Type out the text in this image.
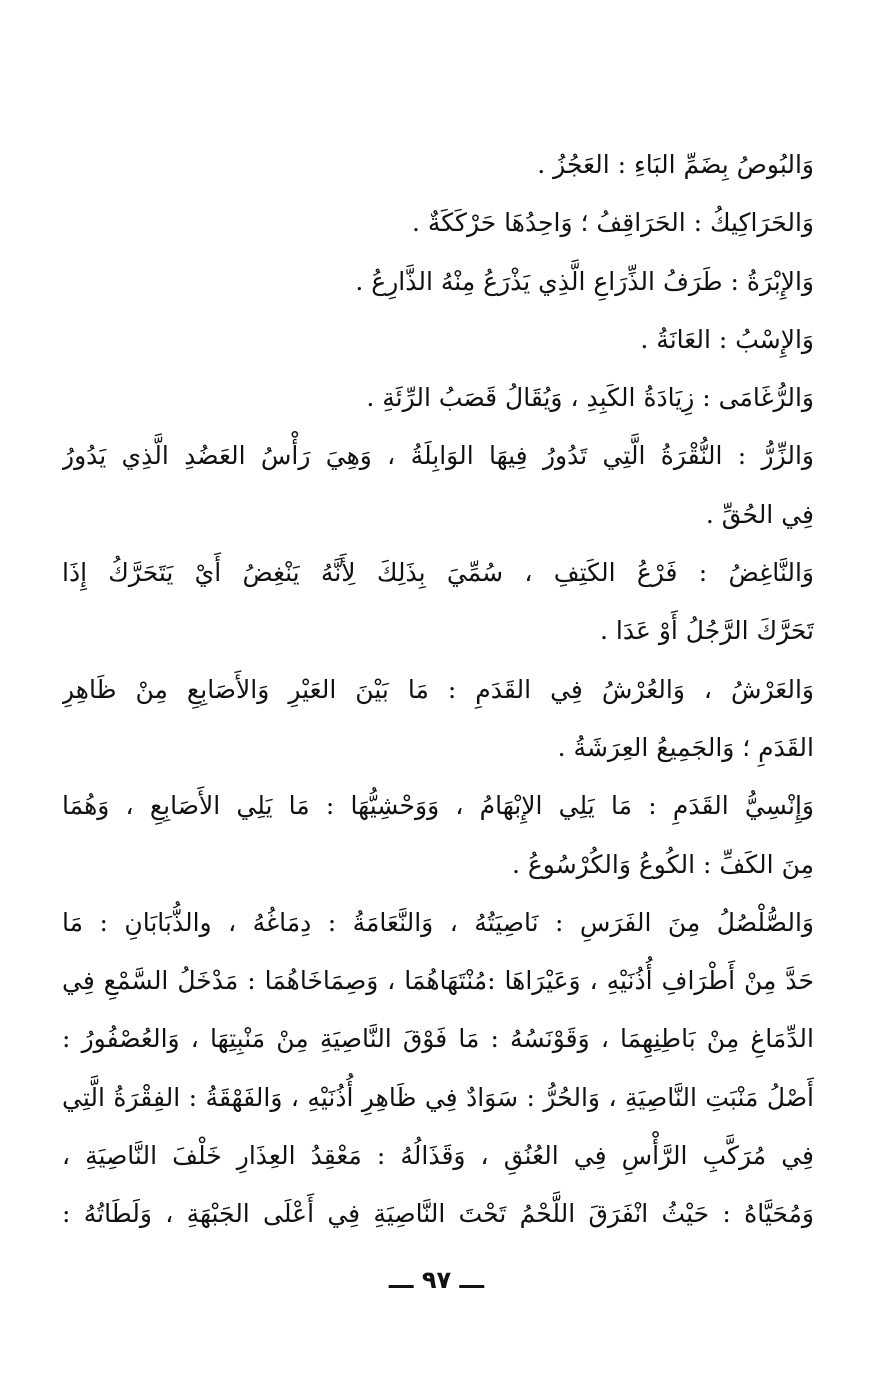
وَالبُوصُ بِضَمِّ البَاءِ : العَجُزُ .
وَالحَرَاكِيكُ : الحَرَاقِفُ ؛ وَاحِدُهَا حَرْكَكَةٌ .
وَالإِبْرَةُ : طَرَفُ الذِّرَاعِ الَّذِي يَذْرَعُ مِنْهُ الذَّارِعُ .
وَالإِسْبُ : العَانَةُ .
وَالرُّغَامَى : زِيَادَةُ الكَبِدِ ، وَيُقَالُ قَصَبُ الرِّئَةِ .
وَالزِّرُّ : النُّقْرَةُ الَّتِي تَدُورُ فِيهَا الوَابِلَةُ ، وَهِيَ رَأْسُ العَضُدِ الَّذِي يَدُورُ
فِي الحُقِّ .
وَالنَّاغِضُ : فَرْعُ الكَتِفِ ، سُمِّيَ بِذَلِكَ لِأَنَّهُ يَنْغِضُ أَيْ يَتَحَرَّكُ إِذَا
تَحَرَّكَ الرَّجُلُ أَوْ عَدَا .
وَالعَرْشُ ، وَالعُرْشُ فِي القَدَمِ : مَا بَيْنَ العَيْرِ وَالأَصَابِعِ مِنْ ظَاهِرِ
القَدَمِ ؛ وَالجَمِيعُ العِرَشَةُ .
وَإِنْسِيُّ القَدَمِ : مَا يَلِي الإِبْهَامُ ، وَوَحْشِيُّهَا : مَا يَلِي الأَصَابِعِ ، وَهُمَا
مِنَ الكَفِّ : الكُوعُ وَالكُرْسُوعُ .
وَالصُّلْصُلُ مِنَ الفَرَسِ : نَاصِيَتُهُ ، وَالنَّعَامَةُ : دِمَاغُهُ ، والذُّبَابَانِ : مَا
حَدَّ مِنْ أَطْرَافِ أُذُنَيْهِ ، وَعَيْرَاهَا :مُنْتَهَاهُمَا ، وَصِمَاخَاهُمَا : مَدْخَلُ السَّمْعِ فِي
الدِّمَاغِ مِنْ بَاطِنِهِمَا ، وَقَوْنَسُهُ : مَا فَوْقَ النَّاصِيَةِ مِنْ مَنْبِتِهَا ، وَالعُصْفُورُ :
أَصْلُ مَنْبَتِ النَّاصِيَةِ ، وَالحُرُّ : سَوَادٌ فِي ظَاهِرِ أُذُنَيْهِ ، وَالفَهْقَةُ : الفِقْرَةُ الَّتِي
فِي مُرَكَّبِ الرَّأْسِ فِي العُنُقِ ، وَقَذَالُهُ : مَعْقِدُ العِذَارِ خَلْفَ النَّاصِيَةِ ،
وَمُحَيَّاهُ : حَيْثُ انْفَرَقَ اللَّحْمُ تَحْتَ النَّاصِيَةِ فِي أَعْلَى الجَبْهَةِ ، وَلَطَاتُهُ :
ـــ ٩٧ ـــ
